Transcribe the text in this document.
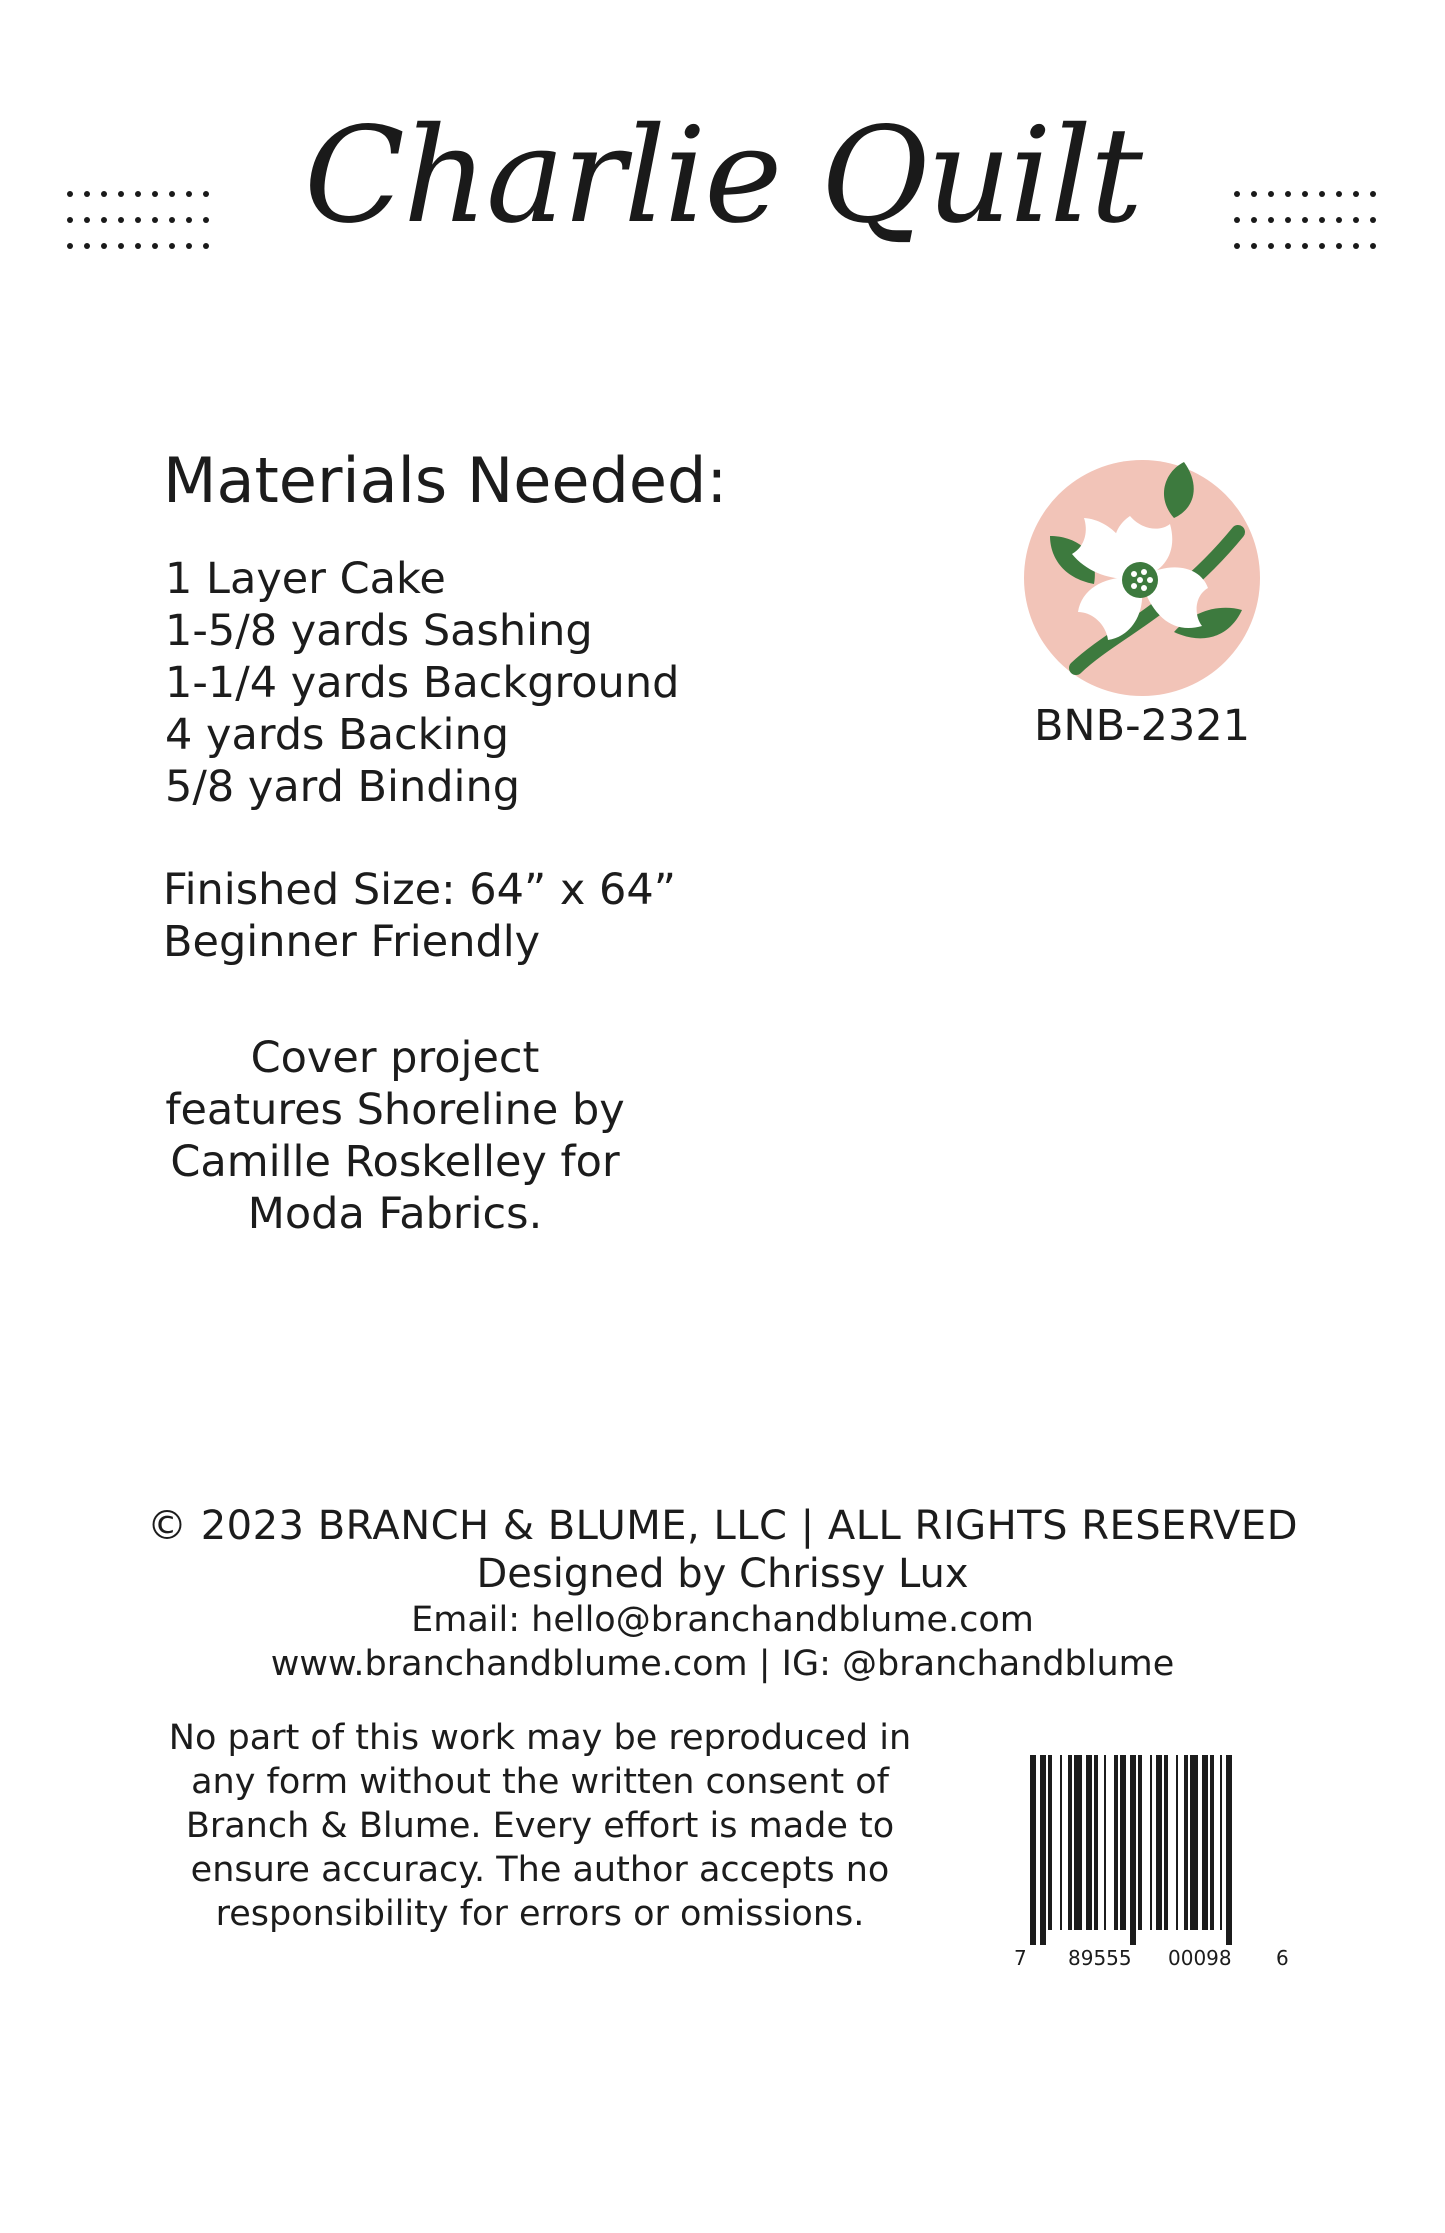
Charlie Quilt
Materials Needed:
1 Layer Cake
1-5/8 yards Sashing
1-1/4 yards Background
4 yards Backing
5/8 yard Binding
Finished Size: 64” x 64”
Beginner Friendly
Cover project features Shoreline by Camille Roskelley for Moda Fabrics.
BNB-2321
© 2023 BRANCH & BLUME, LLC | ALL RIGHTS RESERVED
Designed by Chrissy Lux
Email: hello@branchandblume.com
www.branchandblume.com | IG: @branchandblume
No part of this work may be reproduced in any form without the written consent of Branch & Blume. Every effort is made to ensure accuracy. The author accepts no responsibility for errors or omissions.
7 89555 00098 6
